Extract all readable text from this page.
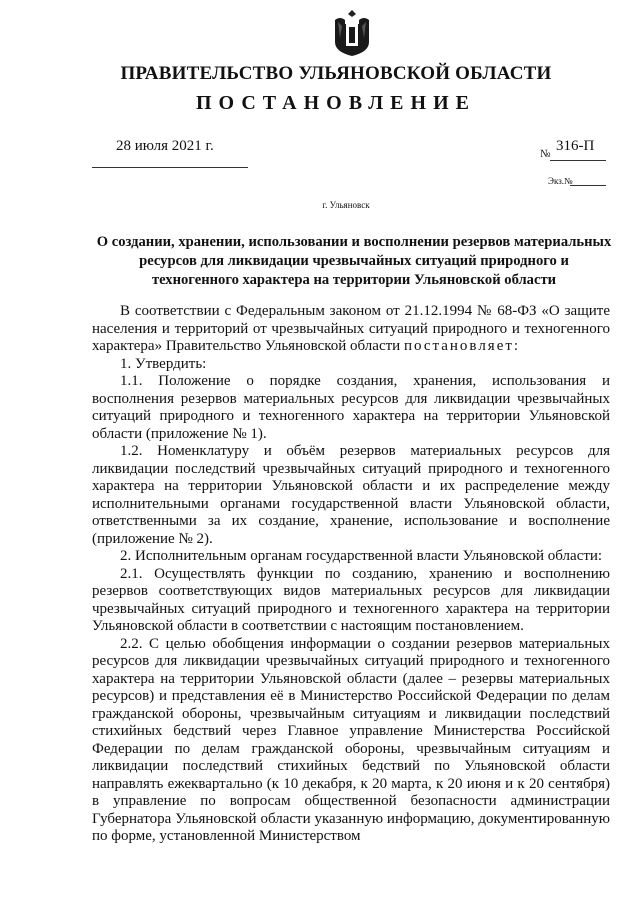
ПРАВИТЕЛЬСТВО УЛЬЯНОВСКОЙ ОБЛАСТИ
ПОСТАНОВЛЕНИЕ
28 июля 2021 г.	№ 316-П
Экз.№
г. Ульяновск
О создании, хранении, использовании и восполнении резервов материальных ресурсов для ликвидации чрезвычайных ситуаций природного и техногенного характера на территории Ульяновской области

В соответствии с Федеральным законом от 21.12.1994 № 68-ФЗ «О защите населения и территорий от чрезвычайных ситуаций природного и техногенного характера» Правительство Ульяновской области постановляет:

1. Утвердить:

1.1. Положение о порядке создания, хранения, использования и восполнения резервов материальных ресурсов для ликвидации чрезвычайных ситуаций природного и техногенного характера на территории Ульяновской области (приложение № 1).

1.2. Номенклатуру и объём резервов материальных ресурсов для ликвидации последствий чрезвычайных ситуаций природного и техногенного характера на территории Ульяновской области и их распределение между исполнительными органами государственной власти Ульяновской области, ответственными за их создание, хранение, использование и восполнение (приложение № 2).

2. Исполнительным органам государственной власти Ульяновской области:

2.1. Осуществлять функции по созданию, хранению и восполнению резервов соответствующих видов материальных ресурсов для ликвидации чрезвычайных ситуаций природного и техногенного характера на территории Ульяновской области в соответствии с настоящим постановлением.

2.2. С целью обобщения информации о создании резервов материальных ресурсов для ликвидации чрезвычайных ситуаций природного и техногенного характера на территории Ульяновской области (далее – резервы материальных ресурсов) и представления её в Министерство Российской Федерации по делам гражданской обороны, чрезвычайным ситуациям и ликвидации последствий стихийных бедствий через Главное управление Министерства Российской Федерации по делам гражданской обороны, чрезвычайным ситуациям и ликвидации последствий стихийных бедствий по Ульяновской области направлять ежеквартально (к 10 декабря, к 20 марта, к 20 июня и к 20 сентября) в управление по вопросам общественной безопасности администрации Губернатора Ульяновской области указанную информацию, документированную по форме, установленной Министерством
